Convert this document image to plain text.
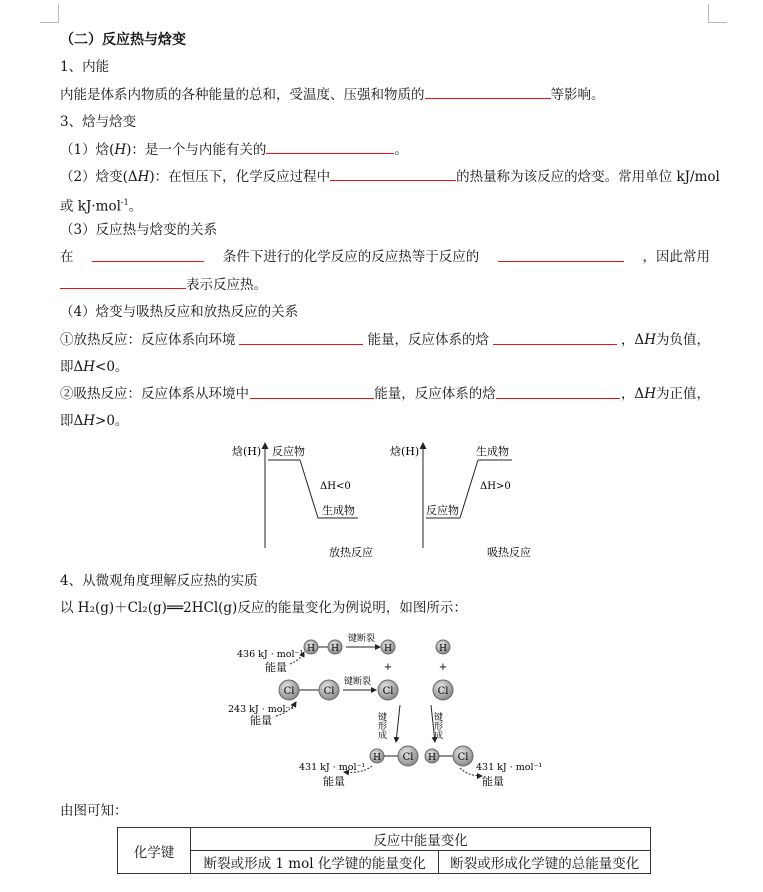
（二）反应热与焓变
1、内能
内能是体系内物质的各种能量的总和，受温度、压强和物质的	等影响。
3、焓与焓变
（1）焓(H)：是一个与内能有关的	。
（2）焓变(ΔH)：在恒压下，化学反应过程中	的热量称为该反应的焓变。常用单位 kJ/mol
或 kJ·mol$^{-1}$。
（3）反应热与焓变的关系
在	条件下进行的化学反应的反应热等于反应的	，因此常用
表示反应热。
（4）焓变与吸热反应和放热反应的关系
①放热反应：反应体系向环境	能量，反应体系的焓	，ΔH为负值，
即ΔH<0。
②吸热反应：反应体系从环境中	能量，反应体系的焓	，ΔH为正值，
即ΔH>0。
焓(H) 反应物
生成物
ΔH<0
放热反应
焓(H)
反应物
生成物
ΔH>0
吸热反应
4、从微观角度理解反应热的实质
以 H₂(g)＋Cl₂(g)══2HCl(g)反应的能量变化为例说明，如图所示：
436 kJ · mol⁻¹
能量
H H
键断裂
H	H
+	+
243 kJ · mol⁻¹
能量
Cl	Cl
键断裂
Cl	Cl
键形成	键形成
H Cl H Cl
431 kJ · mol⁻¹
能量
431 kJ · mol⁻¹
能量
由图可知：
化学键	反应中能量变化	
	断裂或形成 1 mol 化学键的能量变化	断裂或形成化学键的总能量变化
